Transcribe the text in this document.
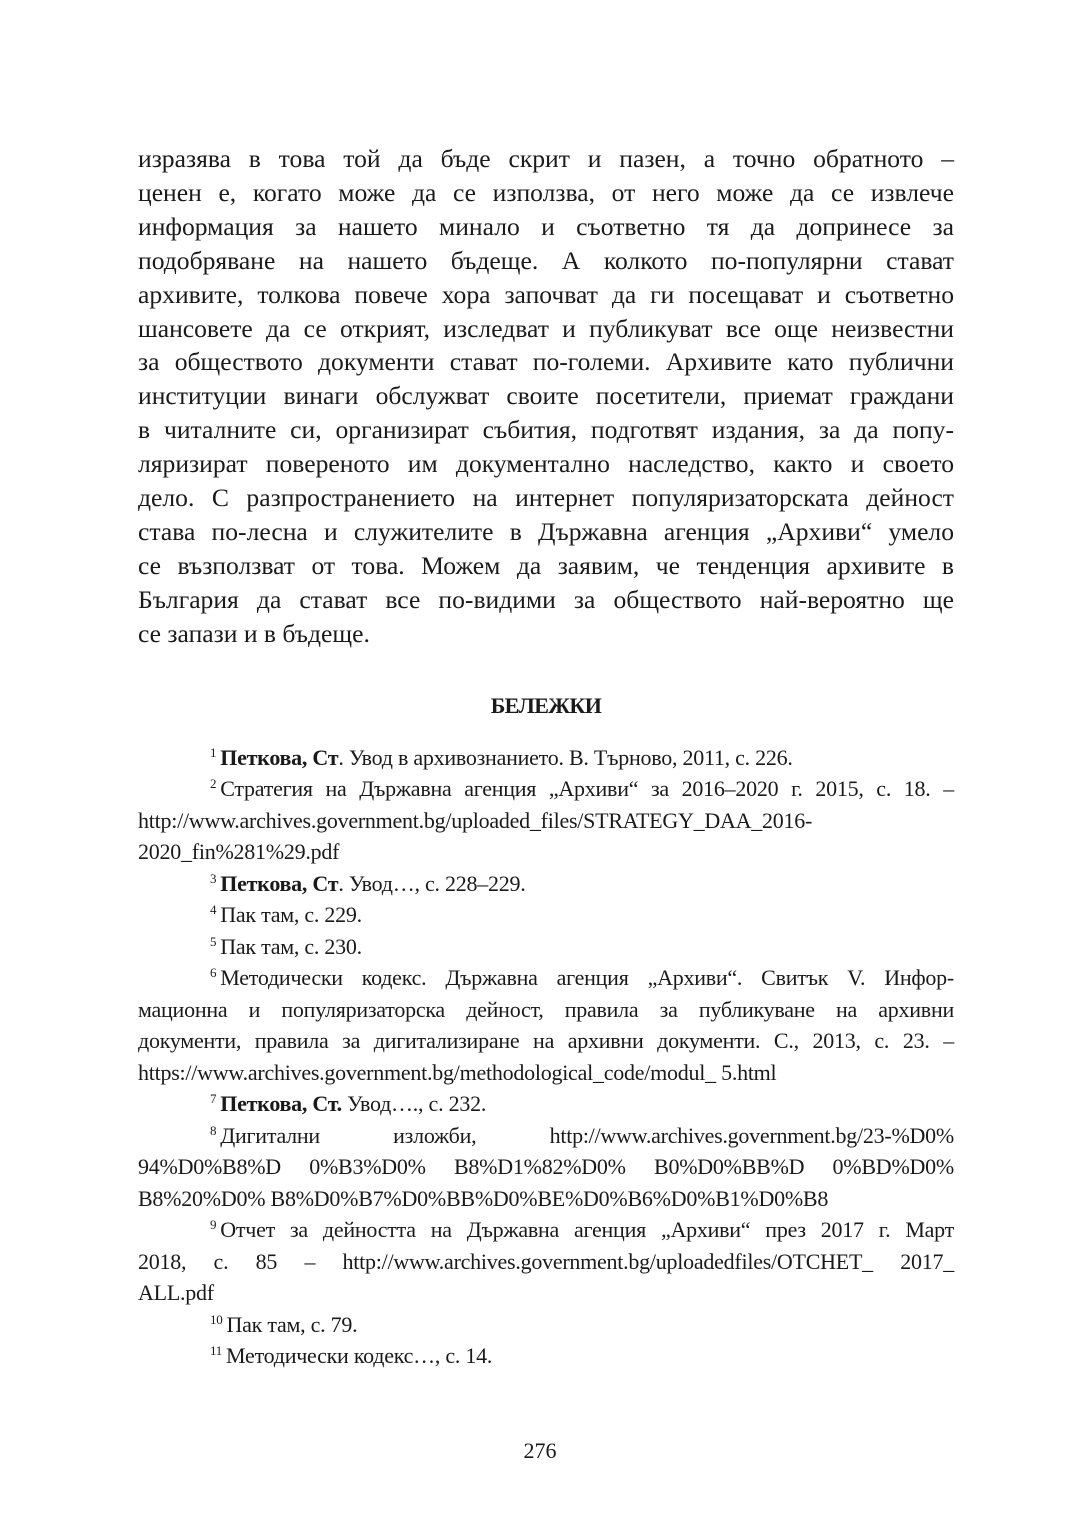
изразява в това той да бъде скрит и пазен, а точно обратното –
ценен е, когато може да се използва, от него може да се извлече
информация за нашето минало и съответно тя да допринесе за
подобряване на нашето бъдеще. А колкото по-популярни стават
архивите, толкова повече хора започват да ги посещават и съответно
шансовете да се открият, изследват и публикуват все още неизвестни
за обществото документи стават по-големи. Архивите като публични
институции винаги обслужват своите посетители, приемат граждани
в читалните си, организират събития, подготвят издания, за да попу-
ляризират повереното им документално наследство, както и своето
дело. С разпространението на интернет популяризаторската дейност
става по-лесна и служителите в Държавна агенция „Архиви“ умело
се възползват от това. Можем да заявим, че тенденция архивите в
България да стават все по-видими за обществото най-вероятно ще
се запази и в бъдеще.
БЕЛЕЖКИ
$^1$ Петкова, Ст. Увод в архивознанието. В. Търново, 2011, с. 226.
$^2$ Стратегия на Държавна агенция „Архиви“ за 2016–2020 г. 2015, с. 18. –
http://www.archives.government.bg/uploaded_files/STRATEGY_DAA_2016-
2020_fin%281%29.pdf
$^3$ Петкова, Ст. Увод…, с. 228–229.
$^4$ Пак там, с. 229.
$^5$ Пак там, с. 230.
$^6$ Методически кодекс. Държавна агенция „Архиви“. Свитък V. Инфор-
мационна и популяризаторска дейност, правила за публикуване на архивни
документи, правила за дигитализиране на архивни документи. С., 2013, с. 23. –
https://www.archives.government.bg/methodological_code/modul_ 5.html
$^7$ Петкова, Ст. Увод…., с. 232.
$^8$ Дигитални изложби, http://www.archives.government.bg/23-%D0%
94%D0%B8%D 0%B3%D0% B8%D1%82%D0% B0%D0%BB%D 0%BD%D0%
B8%20%D0% B8%D0%B7%D0%BB%D0%BE%D0%B6%D0%B1%D0%B8
$^9$ Отчет за дейността на Държавна агенция „Архиви“ през 2017 г. Март
2018, с. 85 – http://www.archives.government.bg/uploadedfiles/OTCHET_ 2017_
ALL.pdf
$^{10}$ Пак там, с. 79.
$^{11}$ Методически кодекс…, с. 14.
276
